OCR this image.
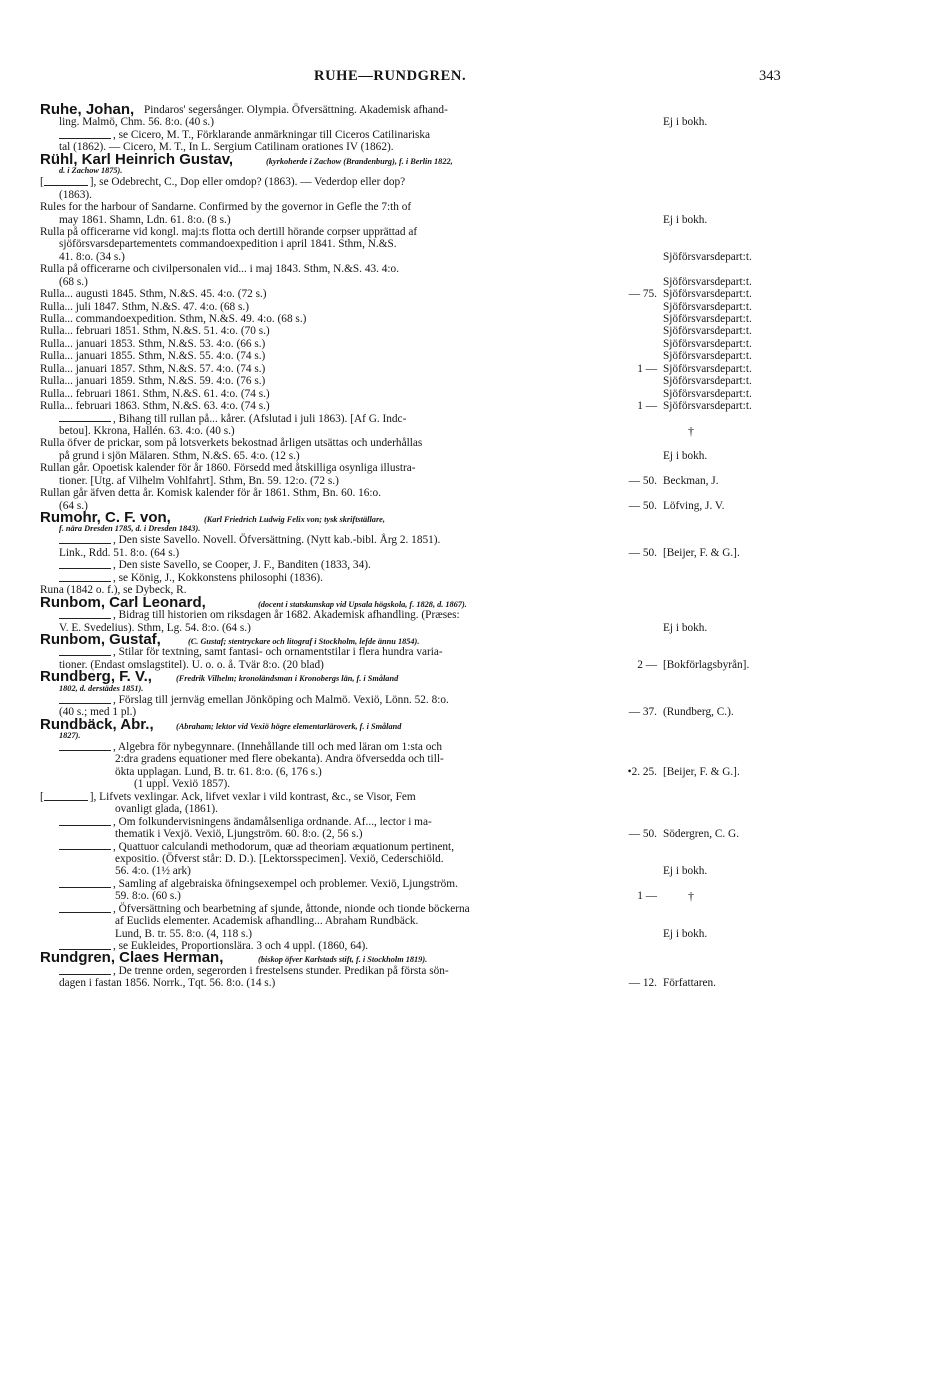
RUHE—RUNDGREN.	343
Ruhe, Johan, Pindaros' segersånger. Olympia. Öfversättning. Akademisk afhand-
ling. Malmö, Chm. 56. 8:o. (40 s.)	Ej i bokh.
, se Cicero, M. T., Förklarande anmärkningar till Ciceros Catilinariska
tal (1862). — Cicero, M. T., In L. Sergium Catilinam orationes IV (1862).
Rühl, Karl Heinrich Gustav,	(kyrkoherde i Zachow (Brandenburg), f. i Berlin 1822,
d. i Zachow 1875).
[	], se Odebrecht, C., Dop eller omdop? (1863). — Vederdop eller dop?
(1863).
Rules for the harbour of Sandarne. Confirmed by the governor in Gefle the 7:th of
may 1861. Shamn, Ldn. 61. 8:o. (8 s.)	Ej i bokh.
Rulla på officerarne vid kongl. maj:ts flotta och dertill hörande corpser upprättad af
sjöförsvarsdepartementets commandoexpedition i april 1841. Sthm, N.&S.
41. 8:o. (34 s.)	Sjöförsvarsdepart:t.
Rulla på officerarne och civilpersonalen vid... i maj 1843. Sthm, N.&S. 43. 4:o.
(68 s.)	Sjöförsvarsdepart:t.
Rulla... augusti 1845. Sthm, N.&S. 45. 4:o. (72 s.)	— 75. Sjöförsvarsdepart:t.
Rulla... juli 1847. Sthm, N.&S. 47. 4:o. (68 s.)	Sjöförsvarsdepart:t.
Rulla... commandoexpedition. Sthm, N.&S. 49. 4:o. (68 s.)	Sjöförsvarsdepart:t.
Rulla... februari 1851. Sthm, N.&S. 51. 4:o. (70 s.)	Sjöförsvarsdepart:t.
Rulla... januari 1853. Sthm, N.&S. 53. 4:o. (66 s.)	Sjöförsvarsdepart:t.
Rulla... januari 1855. Sthm, N.&S. 55. 4:o. (74 s.)	Sjöförsvarsdepart:t.
Rulla... januari 1857. Sthm, N.&S. 57. 4:o. (74 s.)	1 — Sjöförsvarsdepart:t.
Rulla... januari 1859. Sthm, N.&S. 59. 4:o. (76 s.)	Sjöförsvarsdepart:t.
Rulla... februari 1861. Sthm, N.&S. 61. 4:o. (74 s.)	Sjöförsvarsdepart:t.
Rulla... februari 1863. Sthm, N.&S. 63. 4:o. (74 s.)	1 — Sjöförsvarsdepart:t.
, Bihang till rullan på... kårer. (Afslutad i juli 1863). [Af G. Indc-
betou]. Kkrona, Hallén. 63. 4:o. (40 s.)	†
Rulla öfver de prickar, som på lotsverkets bekostnad årligen utsättas och underhållas
på grund i sjön Mälaren. Sthm, N.&S. 65. 4:o. (12 s.)	Ej i bokh.
Rullan går. Opoetisk kalender för år 1860. Försedd med åtskilliga osynliga illustra-
tioner. [Utg. af Vilhelm Vohlfahrt]. Sthm, Bn. 59. 12:o. (72 s.)	— 50. Beckman, J.
Rullan går äfven detta år. Komisk kalender för år 1861. Sthm, Bn. 60. 16:o.
(64 s.)	— 50. Löfving, J. V.
Rumohr, C. F. von,	(Karl Friedrich Ludwig Felix von; tysk skriftställare,
f. nära Dresden 1785, d. i Dresden 1843).
, Den siste Savello. Novell. Öfversättning. (Nytt kab.-bibl. Årg 2. 1851).
Link., Rdd. 51. 8:o. (64 s.)	— 50. [Beijer, F. & G.].
, Den siste Savello, se Cooper, J. F., Banditen (1833, 34).
, se König, J., Kokkonstens philosophi (1836).
Runa (1842 o. f.), se Dybeck, R.
Runbom, Carl Leonard,	(docent i statskunskap vid Upsala högskola, f. 1828, d. 1867).
, Bidrag till historien om riksdagen år 1682. Akademisk afhandling. (Præses:
V. E. Svedelius). Sthm, Lg. 54. 8:o. (64 s.)	Ej i bokh.
Runbom, Gustaf,	(C. Gustaf; stentryckare och litograf i Stockholm, lefde ännu 1854).
, Stilar för textning, samt fantasi- och ornamentstilar i flera hundra varia-
tioner. (Endast omslagstitel). U. o. o. å. Tvär 8:o. (20 blad)	2 — [Bokförlagsbyrån].
Rundberg, F. V.,	(Fredrik Vilhelm; kronoländsman i Kronobergs län, f. i Småland
1802, d. derstädes 1851).
, Förslag till jernväg emellan Jönköping och Malmö. Vexiö, Lönn. 52. 8:o.
(40 s.; med 1 pl.)	— 37. (Rundberg, C.).
Rundbäck, Abr.,	(Abraham; lektor vid Vexiö högre elementarläroverk, f. i Småland
1827).
, Algebra för nybegynnare. (Innehållande till och med läran om 1:sta och
2:dra gradens equationer med flere obekanta). Andra öfversedda och till-
ökta upplagan. Lund, B. tr. 61. 8:o. (6, 176 s.)	•2. 25. [Beijer, F. & G.].
(1 uppl. Vexiö 1857).
[	], Lifvets vexlingar. Ack, lifvet vexlar i vild kontrast, &c., se Visor, Fem
ovanligt glada, (1861).
, Om folkundervisningens ändamålsenliga ordnande. Af..., lector i ma-
thematik i Vexjö. Vexiö, Ljungström. 60. 8:o. (2, 56 s.)	— 50. Södergren, C. G.
, Quattuor calculandi methodorum, quæ ad theoriam æquationum pertinent,
expositio. (Öfverst står: D. D.). [Lektorsspecimen]. Vexiö, Cederschiöld.
56. 4:o. (1½ ark)	Ej i bokh.
, Samling af algebraiska öfningsexempel och problemer. Vexiö, Ljungström.
59. 8:o. (60 s.)	1 —	†
, Öfversättning och bearbetning af sjunde, åttonde, nionde och tionde böckerna
af Euclids elementer. Academisk afhandling... Abraham Rundbäck.
Lund, B. tr. 55. 8:o. (4, 118 s.)	Ej i bokh.
, se Eukleides, Proportionslära. 3 och 4 uppl. (1860, 64).
Rundgren, Claes Herman,	(biskop öfver Karlstads stift, f. i Stockholm 1819).
, De trenne orden, segerorden i frestelsens stunder. Predikan på första sön-
dagen i fastan 1856. Norrk., Tqt. 56. 8:o. (14 s.)	— 12. Författaren.
